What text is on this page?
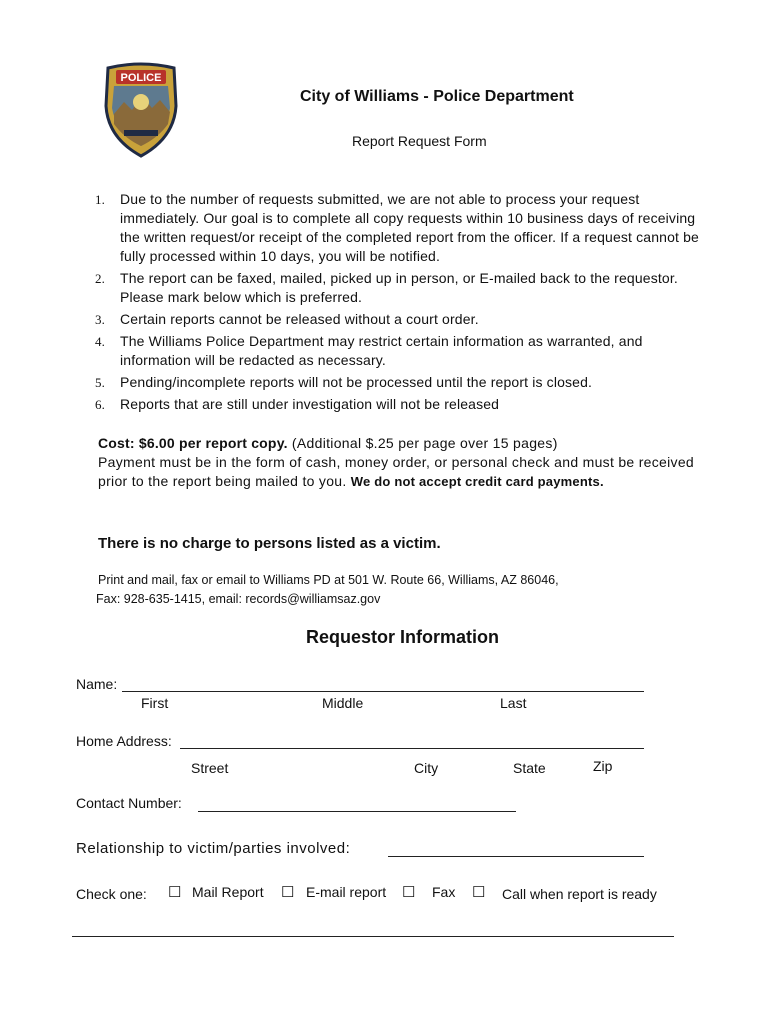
POLICE
City of Williams - Police Department
Report Request Form
1. Due to the number of requests submitted, we are not able to process your request immediately. Our goal is to complete all copy requests within 10 business days of receiving the written request/or receipt of the completed report from the officer. If a request cannot be fully processed within 10 days, you will be notified.
2. The report can be faxed, mailed, picked up in person, or E-mailed back to the requestor. Please mark below which is preferred.
3. Certain reports cannot be released without a court order.
4. The Williams Police Department may restrict certain information as warranted, and information will be redacted as necessary.
5. Pending/incomplete reports will not be processed until the report is closed.
6. Reports that are still under investigation will not be released
Cost: $6.00 per report copy. (Additional $.25 per page over 15 pages)
Payment must be in the form of cash, money order, or personal check and must be received prior to the report being mailed to you. We do not accept credit card payments.
There is no charge to persons listed as a victim.
Print and mail, fax or email to Williams PD at 501 W. Route 66, Williams, AZ 86046,
Fax: 928-635-1415, email: records@williamsaz.gov
Requestor Information
Name:
First	Middle	Last
Home Address:
Street	City	State	Zip
Contact Number:
Relationship to victim/parties involved:
Check one: ☐ Mail Report ☐ E-mail report ☐ Fax ☐ Call when report is ready
